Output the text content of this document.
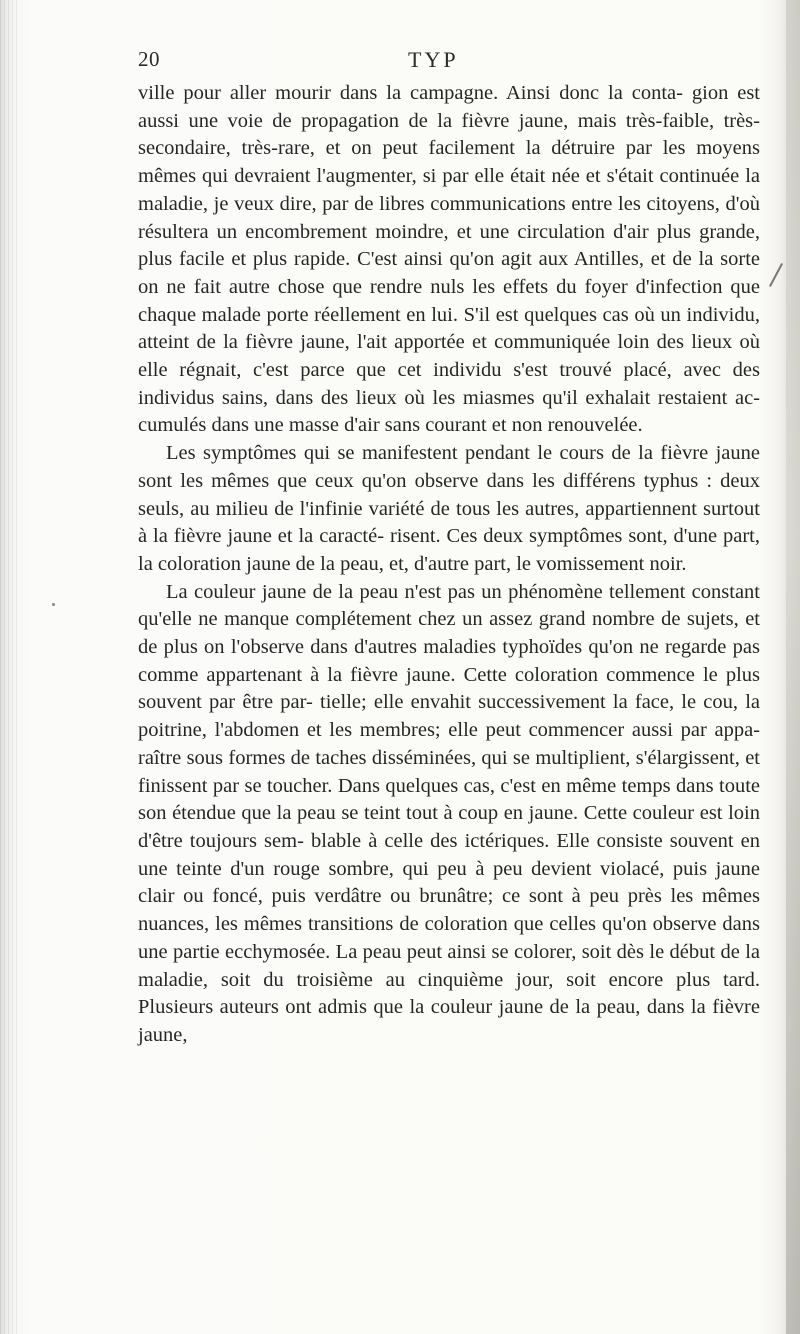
20	TYP

ville pour aller mourir dans la campagne. Ainsi donc la conta- gion est aussi une voie de propagation de la fièvre jaune, mais très-faible, très-secondaire, très-rare, et on peut facilement la détruire par les moyens mêmes qui devraient l'augmenter, si par elle était née et s'était continuée la maladie, je veux dire, par de libres communications entre les citoyens, d'où résultera un encombrement moindre, et une circulation d'air plus grande, plus facile et plus rapide. C'est ainsi qu'on agit aux Antilles, et de la sorte on ne fait autre chose que rendre nuls les effets du foyer d'infection que chaque malade porte réellement en lui. S'il est quelques cas où un individu, atteint de la fièvre jaune, l'ait apportée et communiquée loin des lieux où elle régnait, c'est parce que cet individu s'est trouvé placé, avec des individus sains, dans des lieux où les miasmes qu'il exhalait restaient ac- cumulés dans une masse d'air sans courant et non renouvelée.

Les symptômes qui se manifestent pendant le cours de la fièvre jaune sont les mêmes que ceux qu'on observe dans les différens typhus : deux seuls, au milieu de l'infinie variété de tous les autres, appartiennent surtout à la fièvre jaune et la caracté- risent. Ces deux symptômes sont, d'une part, la coloration jaune de la peau, et, d'autre part, le vomissement noir.

La couleur jaune de la peau n'est pas un phénomène tellement constant qu'elle ne manque complétement chez un assez grand nombre de sujets, et de plus on l'observe dans d'autres maladies typhoïdes qu'on ne regarde pas comme appartenant à la fièvre jaune. Cette coloration commence le plus souvent par être par- tielle; elle envahit successivement la face, le cou, la poitrine, l'abdomen et les membres; elle peut commencer aussi par appa- raître sous formes de taches disséminées, qui se multiplient, s'élargissent, et finissent par se toucher. Dans quelques cas, c'est en même temps dans toute son étendue que la peau se teint tout à coup en jaune. Cette couleur est loin d'être toujours sem- blable à celle des ictériques. Elle consiste souvent en une teinte d'un rouge sombre, qui peu à peu devient violacé, puis jaune clair ou foncé, puis verdâtre ou brunâtre; ce sont à peu près les mêmes nuances, les mêmes transitions de coloration que celles qu'on observe dans une partie ecchymosée. La peau peut ainsi se colorer, soit dès le début de la maladie, soit du troisième au cinquième jour, soit encore plus tard. Plusieurs auteurs ont admis que la couleur jaune de la peau, dans la fièvre jaune,
